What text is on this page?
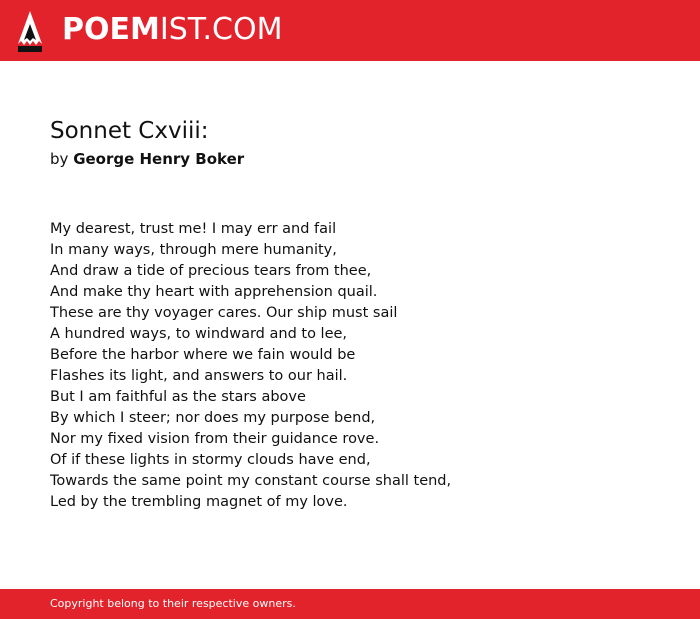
POEMIST.COM
Sonnet Cxviii:
by George Henry Boker
My dearest, trust me! I may err and fail
In many ways, through mere humanity,
And draw a tide of precious tears from thee,
And make thy heart with apprehension quail.
These are thy voyager cares. Our ship must sail
A hundred ways, to windward and to lee,
Before the harbor where we fain would be
Flashes its light, and answers to our hail.
But I am faithful as the stars above
By which I steer; nor does my purpose bend,
Nor my fixed vision from their guidance rove.
Of if these lights in stormy clouds have end,
Towards the same point my constant course shall tend,
Led by the trembling magnet of my love.
Copyright belong to their respective owners.
